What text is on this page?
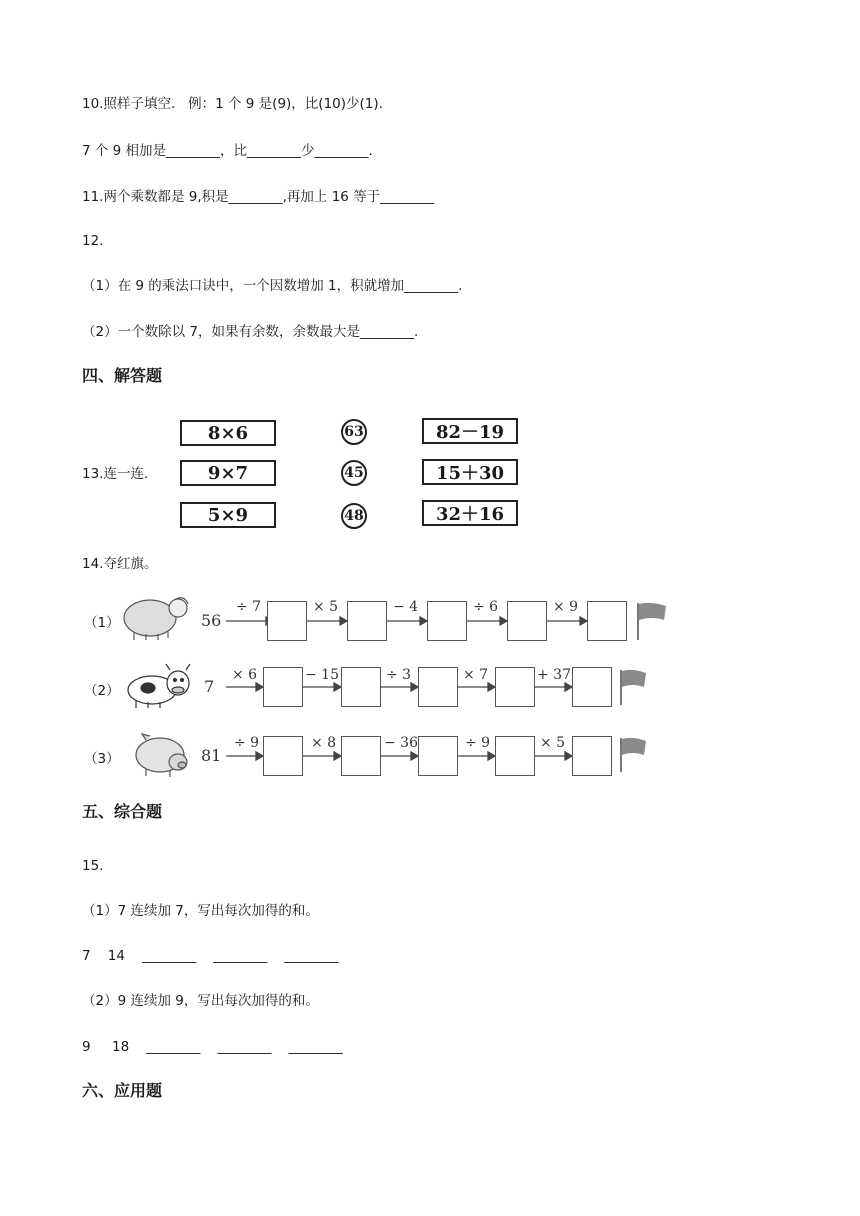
10.照样子填空.   例：1 个 9 是(9)，比(10)少(1).
7 个 9 相加是________，比________少________.
11.两个乘数都是 9,积是________,再加上 16 等于________
12.
（1）在 9 的乘法口诀中，一个因数增加 1，积就增加________.
（2）一个数除以 7，如果有余数，余数最大是________.
四、解答题
13.连一连.
8×6
9×7
5×9
63
45
48
82－19
15＋30
32＋16
14.夺红旗。
（1）	56
÷ 7	× 5	− 4	÷ 6	× 9
（2）	7
× 6	− 15	÷ 3	× 7	+ 37
（3）	81
÷ 9	× 8	− 36	÷ 9	× 5
五、综合题
15.
（1）7 连续加 7，写出每次加得的和。
7    14    ________    ________    ________
（2）9 连续加 9，写出每次加得的和。
9     18    ________    ________    ________
六、应用题
